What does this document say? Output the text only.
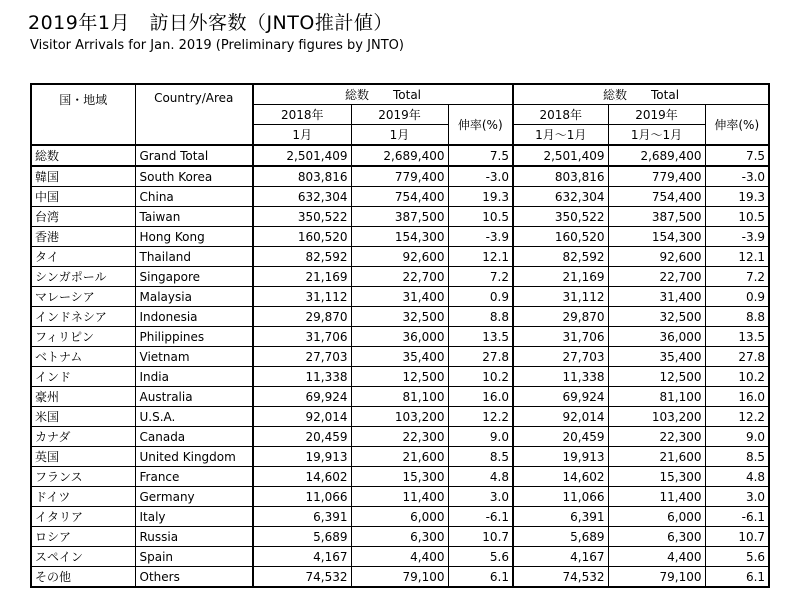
2019年1月　訪日外客数（JNTO推計値）
Visitor Arrivals for Jan. 2019 (Preliminary figures by JNTO)
国・地域	Country/Area	総数　　Total			総数　　Total		
		2018年	2019年	伸率(%)	2018年	2019年	伸率(%)
		1月	1月		1月～1月	1月～1月	
総数	Grand Total	2,501,409	2,689,400	7.5	2,501,409	2,689,400	7.5
韓国	South Korea	803,816	779,400	-3.0	803,816	779,400	-3.0
中国	China	632,304	754,400	19.3	632,304	754,400	19.3
台湾	Taiwan	350,522	387,500	10.5	350,522	387,500	10.5
香港	Hong Kong	160,520	154,300	-3.9	160,520	154,300	-3.9
タイ	Thailand	82,592	92,600	12.1	82,592	92,600	12.1
シンガポール	Singapore	21,169	22,700	7.2	21,169	22,700	7.2
マレーシア	Malaysia	31,112	31,400	0.9	31,112	31,400	0.9
インドネシア	Indonesia	29,870	32,500	8.8	29,870	32,500	8.8
フィリピン	Philippines	31,706	36,000	13.5	31,706	36,000	13.5
ベトナム	Vietnam	27,703	35,400	27.8	27,703	35,400	27.8
インド	India	11,338	12,500	10.2	11,338	12,500	10.2
豪州	Australia	69,924	81,100	16.0	69,924	81,100	16.0
米国	U.S.A.	92,014	103,200	12.2	92,014	103,200	12.2
カナダ	Canada	20,459	22,300	9.0	20,459	22,300	9.0
英国	United Kingdom	19,913	21,600	8.5	19,913	21,600	8.5
フランス	France	14,602	15,300	4.8	14,602	15,300	4.8
ドイツ	Germany	11,066	11,400	3.0	11,066	11,400	3.0
イタリア	Italy	6,391	6,000	-6.1	6,391	6,000	-6.1
ロシア	Russia	5,689	6,300	10.7	5,689	6,300	10.7
スペイン	Spain	4,167	4,400	5.6	4,167	4,400	5.6
その他	Others	74,532	79,100	6.1	74,532	79,100	6.1
